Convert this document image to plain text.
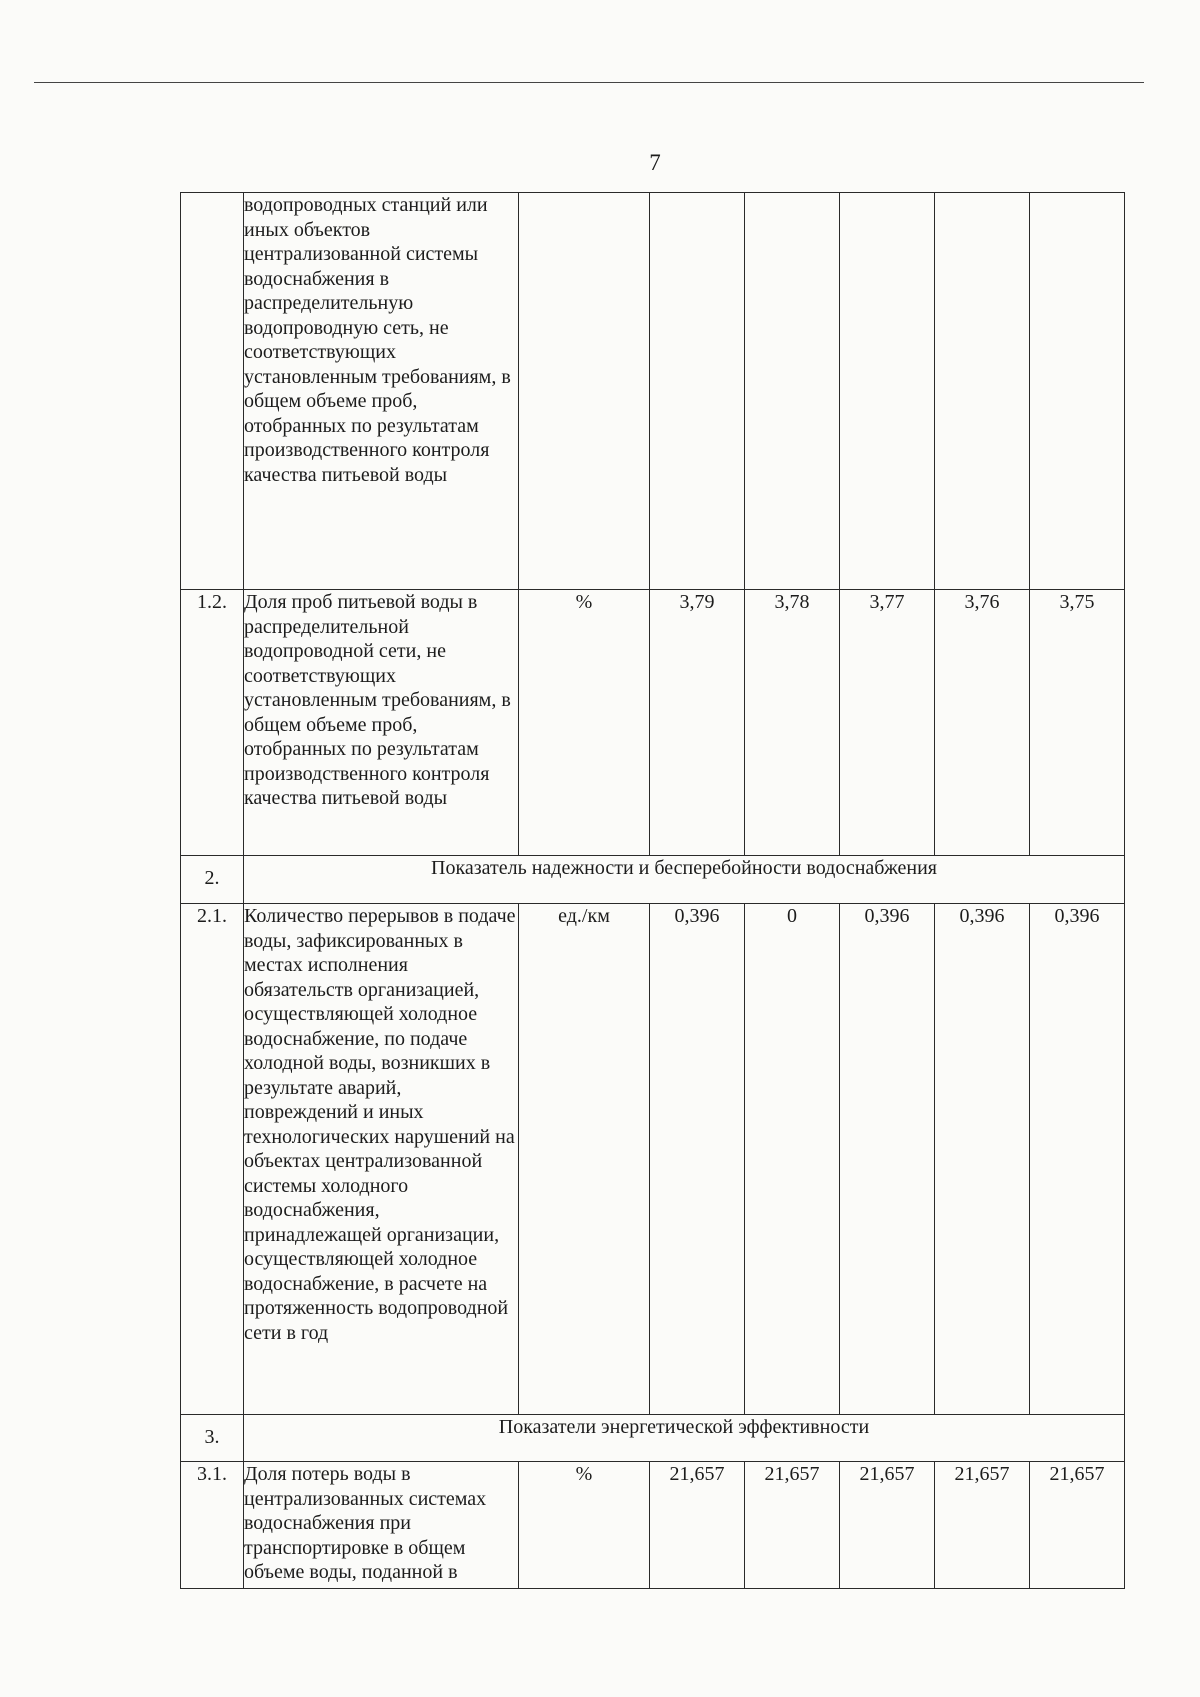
7
	водопроводных станций или иных объектов централизованной системы водоснабжения в распределительную водопроводную сеть, не соответствующих установленным требованиям, в общем объеме проб, отобранных по результатам производственного контроля качества питьевой воды						
1.2.	Доля проб питьевой воды в распределительной водопроводной сети, не соответствующих установленным требованиям, в общем объеме проб, отобранных по результатам производственного контроля качества питьевой воды	%	3,79	3,78	3,77	3,76	3,75
2.	Показатель надежности и бесперебойности водоснабжения						
2.1.	Количество перерывов в подаче воды, зафиксированных в местах исполнения обязательств организацией, осуществляющей холодное водоснабжение, по подаче холодной воды, возникших в результате аварий, повреждений и иных технологических нарушений на объектах централизованной системы холодного водоснабжения, принадлежащей организации, осуществляющей холодное водоснабжение, в расчете на протяженность водопроводной сети в год	ед./км	0,396	0	0,396	0,396	0,396
3.	Показатели энергетической эффективности						
3.1.	Доля потерь воды в централизованных системах водоснабжения при транспортировке в общем объеме воды, поданной в	%	21,657	21,657	21,657	21,657	21,657
